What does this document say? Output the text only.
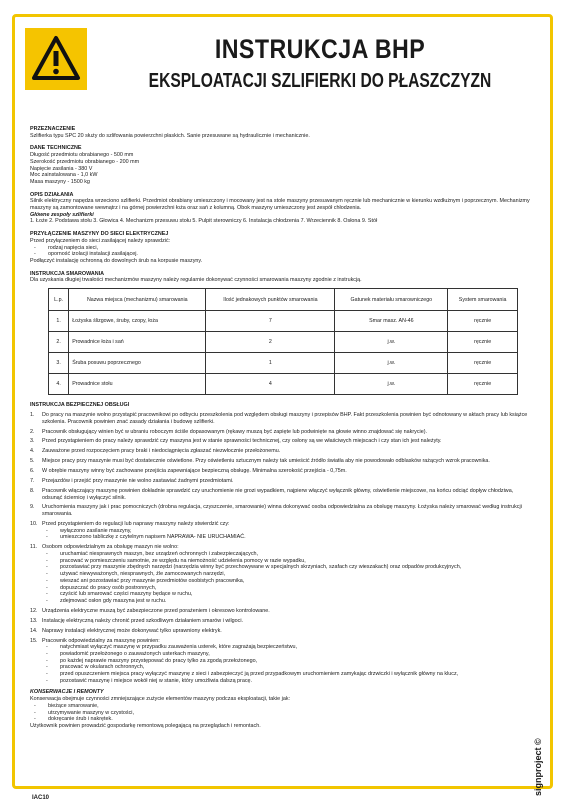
INSTRUKCJA BHP
EKSPLOATACJI SZLIFIERKI DO PŁASZCZYZN
PRZEZNACZENIE

Szlifierka typu SPC 20 służy do szlifowania powierzchni płaskich. Sanie przesuwane są hydraulicznie i mechanicznie.

DANE TECHNICZNE
Długość przedmiotu obrabianego - 500 mm
Szerokość przedmiotu obrabianego - 200 mm
Napięcie zasilania - 380 V
Moc zainstalowana - 1,0 kW
Masa maszyny - 1500 kg
OPIS DZIAŁANIA

Silnik elektryczny napędza wrzeciono szlifierki. Przedmiot obrabiany umieszczony i mocowany jest na stole maszyny przesuwanym ręcznie lub mechanicznie w kierunku wzdłużnym i poprzecznym. Mechanizmy maszyny są zamontowane wewnątrz i na górnej powierzchni łoża oraz sań z kolumną. Obok maszyny umieszczony jest zespół chłodzenia.

Główne zespoły szlifierki

1. Łoże 2. Podstawa stołu 3. Głowica 4. Mechanizm przesuwu stołu 5. Pulpit sterowniczy 6. Instalacja chłodzenia 7. Wrzeciennik 8. Osłona 9. Stół

PRZYŁĄCZENIE MASZYNY DO SIECI ELEKTRYCZNEJ

Przed przyłączeniem do sieci zasilającej należy sprawdzić:

-	rodzaj napięcia sieci,
-	oporność izolacji instalacji zasilającej.

Podłączyć instalację ochronną do dowolnych śrub na korpusie maszyny.

INSTRUKCJA SMAROWANIA

Dla uzyskania długiej trwałości mechanizmów maszyny należy regularnie dokonywać czynności smarowania maszyny zgodnie z instrukcją.

L.p.	Nazwa miejsca (mechanizmu) smarowania	Ilość jednakowych punktów smarowania	Gatunek materiału smarowniczego	System smarowania
1.	Łożyska ślizgowe, śruby, czopy, łoża	7	Smar masz. AN-46	ręcznie
2.	Prowadnice łoża i sań	2	j.w.	ręcznie
3.	Śruba posuwu poprzecznego	1	j.w.	ręcznie
4.	Prowadnice stołu	4	j.w.	ręcznie
INSTRUKCJA BEZPIECZNEJ OBSŁUGI
1.	Do pracy na maszynie wolno przystąpić pracownikowi po odbyciu przeszkolenia pod względem obsługi maszyny i przepisów BHP. Fakt przeszkolenia powinien być odnotowany w aktach pracy lub książce szkolenia. Pracownik powinien znać zasady działania i budowę szlifierki.
2.	Pracownik obsługujący winien być w ubraniu roboczym ściśle dopasowanym (rękawy muszą być zapięte lub podwinięte na głowie winno znajdować się nakrycie).
3.	Przed przystąpieniem do pracy należy sprawdzić czy maszyna jest w stanie sprawności technicznej, czy osłony są we właściwych miejscach i czy stan ich jest należyty.
4.	Zauważone przed rozpoczęciem pracy braki i niedociągnięcia zgłaszać niezwłocznie przełożonemu.
5.	Miejsce pracy przy maszynie musi być dostatecznie oświetlone. Przy oświetleniu sztucznym należy tak umieścić źródło światła aby nie powodowało odblasków rażących wzrok pracownika.
6.	W obrębie maszyny winny być zachowane przejścia zapewniające bezpieczną obsługę. Minimalna szerokość przejścia - 0,75m.
7.	Przejazdów i przejść przy maszynie nie wolno zastawiać żadnymi przedmiotami.
8.	Pracownik włączający maszynę powinien dokładnie sprawdzić czy uruchomienie nie grozi wypadkiem, najpierw włączyć wyłącznik główny, oświetlenie miejscowe, na końcu odciąć dopływ chłodziwa, odsunąć ściernicę i wyłączyć silnik.
9.	Uruchomienia maszyny jak i prac pomocniczych (drobna regulacja, czyszczenie, smarowanie) winna dokonywać osoba odpowiedzialna za obsługę maszyny. Łożyska należy smarować według instrukcji smarowania.
10. Przed przystąpieniem do regulacji lub naprawy maszyny należy stwierdzić czy:
-	wyłączono zasilanie maszyny,
-	umieszczono tabliczkę z czytelnym napisem NAPRAWA- NIE URUCHAMIAĆ.
11. Osobom odpowiedzialnym za obsługę maszyn nie wolno:
-	uruchamiać niesprawnych maszyn, bez urządzeń ochronnych i zabezpieczających,
-	pracować w pomieszczeniu samotnie, ze względu na niemożność udzielenia pomocy w razie wypadku,
-	pozostawiać przy maszynie zbędnych narzędzi (narzędzia winny być przechowywane w specjalnych skrzyniach, szafach czy wieszakach) oraz odpadów produkcyjnych,
-	używać niewyważonych, niesprawnych, źle zamocowanych narzędzi,
-	wieszać ani pozostawiać przy maszynie przedmiotów osobistych pracownika,
-	dopuszczać do pracy osób postronnych,
-	czyścić lub smarować części maszyny będące w ruchu,
-	zdejmować osłon gdy maszyna jest w ruchu.
12. Urządzenia elektryczne muszą być zabezpieczone przed porażeniem i okresowo kontrolowane.
13. Instalację elektryczną należy chronić przed szkodliwym działaniem smarów i wilgoci.
14. Naprawy instalacji elektrycznej może dokonywać tylko uprawniony elektryk.
15. Pracownik odpowiedzialny za maszynę powinien:
-	natychmiast wyłączyć maszynę w przypadku zauważenia usterek, które zagrażają bezpieczeństwu,
-	powiadomić przełożonego o zauważonych usterkach maszyny,
-	po każdej naprawie maszyny przystępować do pracy tylko za zgodą przełożonego,
-	pracować w okularach ochronnych,
-	przed opuszczeniem miejsca pracy wyłączyć maszynę z sieci i zabezpieczyć ją przed przypadkowym uruchomieniem zamykając drzwiczki i wyłącznik główny na klucz,
-	pozostawić maszynę i miejsce wokół niej w stanie, który umożliwia dalszą pracę.
KONSERWACJE I REMONTY

Konserwacja obejmuje czynności zmniejszające zużycie elementów maszyny podczas eksploatacji, takie jak:

-	bieżące smarowanie,
-	utrzymywanie maszyny w czystości,
-	dokręcanie śrub i nakrętek.

Użytkownik powinien prowadzić gospodarkę remontową polegającą na przeglądach i remontach.

signproject ©
IAC10
